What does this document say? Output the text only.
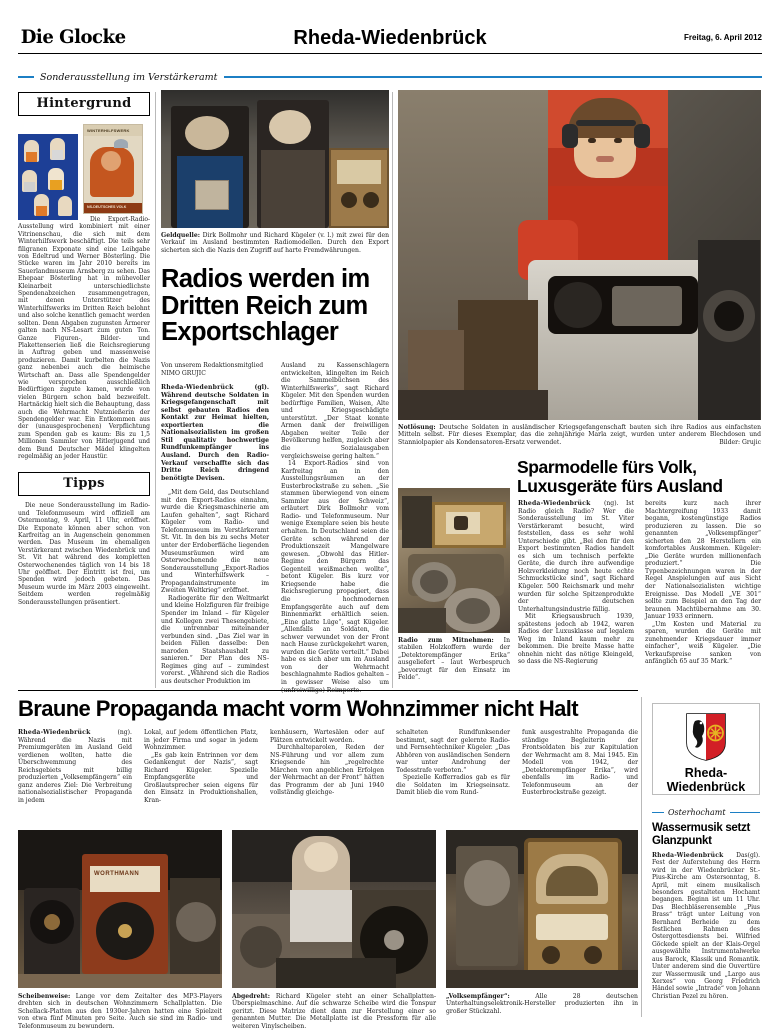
Die Glocke	Rheda-Wiedenbrück	Freitag, 6. April 2012
Sonderausstellung im Verstärkeramt
Hintergrund
WINTERHILFSWERK
NS-DEUTSCHES VOLK

Die Export-Radio-Ausstellung wird kombiniert mit einer Vitrinenschau, die sich mit dem Winterhilfswerk beschäftigt. Die teils sehr filigranen Exponate sind eine Leihgabe von Edeltrud und Werner Bösterling. Die Stücke waren im Jahr 2010 bereits im Sauerlandmuseum Arnsberg zu sehen. Das Ehepaar Bösterling hat in mühevoller Kleinarbeit unterschiedlichste Spendenabzeichen zusammengetragen, mit denen Unterstützer des Winterhilfswerks im Dritten Reich belohnt und also solche kenntlich gemacht werden sollten. Denn Abgaben zugunsten Ärmerer galten nach NS-Lesart zum guten Ton. Ganze Figuren-, Bilder- und Plakettenserien ließ die Reichsregierung in Auftrag geben und massenweise produzieren. Damit kurbelten die Nazis ganz nebenbei auch die heimische Wirtschaft an. Dass alle Spendengelder wie versprochen ausschließlich Bedürftigen zugute kamen, wurde von vielen Bürgern schon bald bezweifelt. Hartnäckig hielt sich die Behauptung, dass auch die Wehrmacht Nutznießerin der Spendengelder war. Ein Entkommen aus der (unausgesprochenen) Verpflichtung zum Spenden gab es kaum: Bis zu 1,5 Millionen Sammler von Hitlerjugend und dem Bund Deutscher Mädel klingelten regelmäßig an jeder Haustür.

Tipps

Die neue Sonderausstellung im Radio- und Telefonmuseum wird offiziell am Ostermontag, 9. April, 11 Uhr, eröffnet. Die Exponate können aber schon von Karfreitag an in Augenschein genommen werden. Das Museum im ehemaligen Verstärkeramt zwischen Wiedenbrück und St. Vit hat während des kompletten Osterwochenendes täglich von 14 bis 18 Uhr geöffnet. Der Eintritt ist frei, um Spenden wird jedoch gebeten. Das Museum wurde im März 2003 eingeweiht. Seitdem werden regelmäßig Sonderausstellungen präsentiert.

Geldquelle: Dirk Bollmohr und Richard Kügeler (v. l.) mit zwei für den Verkauf im Ausland bestimmten Radiomodellen. Durch den Export sicherten sich die Nazis den Zugriff auf harte Fremdwährungen.
Radios werden im Dritten Reich zum Exportschlager

Von unserem Redaktionsmitglied

NIMO GRUJIC

Rheda-Wiedenbrück	(gl).

Während deutsche Soldaten in Kriegsgefangenschaft mit selbst gebauten Radios den Kontakt zur Heimat hielten, exportierten die Nationalsozialisten im großen Stil qualitativ hochwertige Rundfunkempfänger ins Ausland. Durch den Radio-Verkauf verschaffte sich das Dritte Reich dringend benötigte Devisen.

„Mit dem Geld, das Deutschland mit den Export-Radios einnahm, wurde die Kriegsmaschinerie am Laufen gehalten“, sagt Richard Kügeler vom Radio- und Telefonmuseum im Verstärkeramt St. Vit. In den bis zu sechs Meter unter der Erdoberfläche liegenden Museumsräumen wird am Osterwochenende die neue Sonderausstellung „Export-Radios und Winterhilfswerk – Propagandainstrumente im Zweiten Weltkrieg“ eröffnet.

Radiogeräte für den Weltmarkt und kleine Holzfiguren für freibige Spender im Inland – für Kügeler und Kollegen zwei Thesengebiete, die untrennbar miteinander verbunden sind. „Das Ziel war in beiden Fällen dasselbe: Den maroden Staatshaushalt zu sanieren.“ Der Plan des NS-Regimes ging auf – zumindest vorerst. „Während sich die Radios aus deutscher Produktion im

Ausland zu Kassenschlagern entwickelten, klingelten im Reich die Sammelbüchsen des Winterhilfswerks“, sagt Richard Kügeler. Mit den Spenden wurden bedürftige Familien, Waisen, Alte und Kriegsgeschädigte unterstützt. „Der Staat konnte Armen dank der freiwilligen Abgaben weiter Teile der Bevölkerung helfen, zugleich aber die Sozialausgaben vergleichsweise gering halten.“

14 Export-Radios sind von Karfreitag an in den Ausstellungsräumen an der Eusterbrockstraße zu sehen. „Sie stammen überwiegend von einem Sammler aus der Schweiz“, erläutert Dirk Bollmohr vom Radio- und Telefonmuseum. Nur wenige Exemplare seien bis heute erhalten. In Deutschland seien die Geräte schon während der Produktionszeit Mangelware gewesen. „Obwohl das Hitler-Regime den Bürgern das Gegenteil weißmachen wollte“, betont Kügeler. Bis kurz vor Kriegsende habe die Reichsregierung propagiert, dass die hochmodernen Empfangsgeräte auch auf dem Binnenmarkt erhältlich seien. „Eine glatte Lüge“, sagt Kügeler. „Allenfalls an Soldaten, die schwer verwundet von der Front nach Hause zurückgekehrt waren, wurden die Geräte verteilt.“ Dabei habe es sich aber um im Ausland von der Wehrmacht beschlagnahmte Radios gehalten – in gewisser Weise also um (unfreiwillige) Reimporte.

Notlösung: Deutsche Soldaten in ausländischer Kriegsgefangenschaft bauten sich ihre Radios aus einfachsten Mitteln selbst. Für dieses Exemplar, das die zehnjährige Marla zeigt, wurden unter anderem Blechdosen und Stanniolpapier als Kondensatoren-Ersatz verwendet.	Bilder: Grujic
Sparmodelle fürs Volk, Luxusgeräte fürs Ausland
Radio zum Mitnehmen: In stabilen Holzkoffern wurde der „Detektorempfänger Erika“ ausgeliefert – laut Werbespruch „bevorzugt für den Einsatz im Felde“.

Rheda-Wiedenbrück (ng). Ist Radio gleich Radio? Wer die Sonderausstellung im St. Viter Verstärkeramt besucht, wird feststellen, dass es sehr wohl Unterschiede gibt. „Bei den für den Export bestimmten Radios handelt es sich um technisch perfekte Geräte, die durch ihre aufwendige Holzverkleidung noch heute echte Schmuckstücke sind“, sagt Richard Kügeler. 500 Reichsmark und mehr wurden für solche Spitzenprodukte der deutschen Unterhaltungsindustrie fällig.

Mit Kriegsausbruch 1939, spätestens jedoch ab 1942, waren Radios der Luxusklasse auf legalem Weg im Inland kaum mehr zu bekommen. Die breite Masse hatte ohnehin nicht das nötige Kleingeld, so dass die NS-Regierung

bereits kurz nach ihrer Machtergreifung 1933 damit begann, kostengünstige Radios produzieren zu lassen. Die so genannten „Volksempfänger“ sicherten den 28 Herstellern ein komfortables Auskommen. Kügeler: „Die Geräte wurden millionenfach produziert.“ Die Typenbezeichnungen waren in der Regel Anspielungen auf aus Sicht der Nationalsozialisten wichtige Ereignisse. Das Modell „VE 301“ sollte zum Beispiel an den Tag der braunen Machtübernahme am 30. Januar 1933 erinnern.

„Um Kosten und Material zu sparen, wurden die Geräte mit zunehmender Kriegsdauer immer einfacher“, weiß Kügeler. „Die Verkaufspreise sanken von anfänglich 65 auf 35 Mark.“

Braune Propaganda macht vorm Wohnzimmer nicht Halt

Rheda-Wiedenbrück	(ng).
Während die Nazis mit Premiumgeräten im Ausland Geld verdienen wollten, hatte die Überschwemmung des Reichsgebiets mit billig produzierten „Volksempfängern“ ein ganz anderes Ziel: Die Verbreitung nationalsozialistischer Propaganda in jedem

Lokal, auf jedem öffentlichen Platz, in jeder Firma und sogar in jedem Wohnzimmer.

„Es gab kein Entrinnen vor dem Gedankengut der Nazis“, sagt Richard Kügeler. Spezielle Empfangsgeräte und Großlautsprecher seien eigens für den Einsatz in Produktionshallen, Kran-

kenhäusern, Wartesälen oder auf Plätzen entwickelt worden.

Durchhalteparolen, Reden der NS-Führung und vor allem zum Kriegsende hin „regelrechte Märchen von angeblichen Erfolgen der Wehrmacht an der Front“ hätten das Programm der ab Juni 1940 vollständig gleichge-

schalteten Rundfunksender bestimmt, sagt der gelernte Radio- und Fernsehtechniker Kügeler. „Das Abhören von ausländischen Sendern war unter Androhung der Todesstrafe verboten.“

Spezielle Kofferradios gab es für die Soldaten im Kriegseinsatz. Damit blieb die vom Rund-

funk ausgestrahlte Propaganda die ständige Begleiterin der Frontsoldaten bis zur Kapitulation der Wehrmacht am 8. Mai 1945. Ein Modell von 1942, der „Detektorempfänger Erika“, wird ebenfalls im Radio- und Telefonmuseum an der Eusterbrockstraße gezeigt.

WORTHMANN
Scheibenweise: Lange vor dem Zeitalter des MP3-Players drehten sich in deutschen Wohnzimmern Schallplatten. Die Schellack-Platten aus den 1930er-Jahren hatten eine Spielzeit von etwa fünf Minuten pro Seite. Auch sie sind im Radio- und Telefonmuseum zu bewundern.
Abgedreht: Richard Kügeler steht an einer Schallplatten-Überspielmaschine. Auf die schwarze Scheibe wird die Tonspur geritzt. Diese Matrize dient dann zur Herstellung einer so genannten Mutter. Die Metallplatte ist die Pressform für alle weiteren Vinylscheiben.
„Volksempfänger“: Alle 28 deutschen Unterhaltungselektronik-Hersteller produzierten ihn in großer Stückzahl.
Rheda-
Wiedenbrück
Osterhochamt
Wassermusik setzt Glanzpunkt

Rheda-Wiedenbrück	(gl).
Das Fest der Auferstehung des Herrn wird in der Wiedenbrücker St.-Pius-Kirche am Ostersonntag, 8. April, mit einem musikalisch besonders gestalteten Hochamt begangen. Beginn ist um 11 Uhr. Das Blechbläserensemble „Pius Brass“ trägt unter Leitung von Bernhard Berheide zu dem festlichen Rahmen des Ostergottesdiensts bei. Wilfried Göckede spielt an der Klais-Orgel ausgewählte Instrumentalwerke aus Barock, Klassik und Romantik. Unter anderem sind die Ouvertüre zur Wassermusik und „Largo aus Xerxes“ von Georg Friedrich Händel sowie „Intrade“ von Johann Christian Pezel zu hören.
